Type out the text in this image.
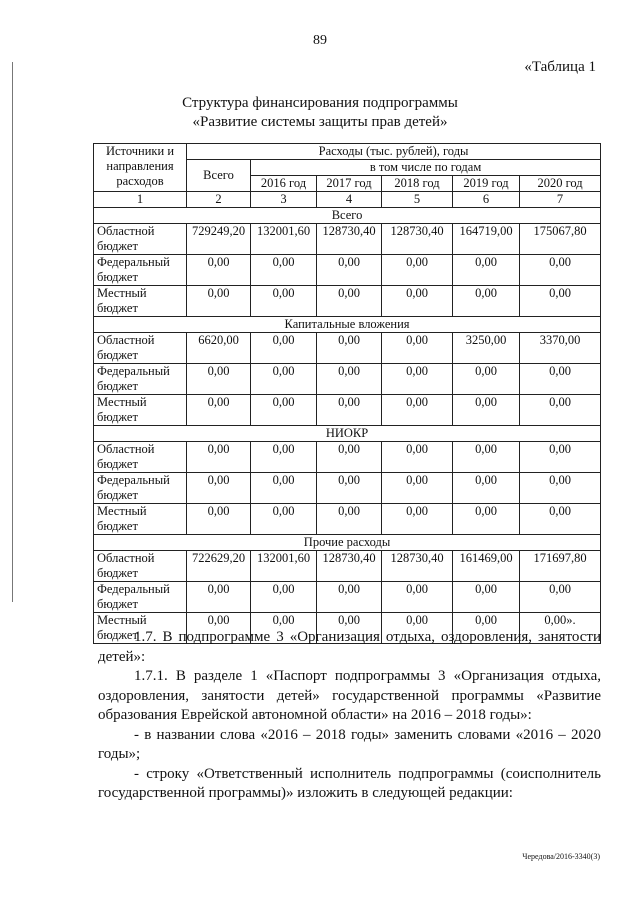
89
«Таблица 1
Структура финансирования подпрограммы
«Развитие системы защиты прав детей»
Источники и направления расходов	Расходы (тыс. рублей), годы					
	Всего	в том числе по годам				
		2016 год	2017 год	2018 год	2019 год	2020 год
1	2	3	4	5	6	7
Всего						
Областной бюджет	729249,20	132001,60	128730,40	128730,40	164719,00	175067,80
Федеральный бюджет	0,00	0,00	0,00	0,00	0,00	0,00
Местный бюджет	0,00	0,00	0,00	0,00	0,00	0,00
Капитальные вложения						
Областной бюджет	6620,00	0,00	0,00	0,00	3250,00	3370,00
Федеральный бюджет	0,00	0,00	0,00	0,00	0,00	0,00
Местный бюджет	0,00	0,00	0,00	0,00	0,00	0,00
НИОКР						
Областной бюджет	0,00	0,00	0,00	0,00	0,00	0,00
Федеральный бюджет	0,00	0,00	0,00	0,00	0,00	0,00
Местный бюджет	0,00	0,00	0,00	0,00	0,00	0,00
Прочие расходы						
Областной бюджет	722629,20	132001,60	128730,40	128730,40	161469,00	171697,80
Федеральный бюджет	0,00	0,00	0,00	0,00	0,00	0,00
Местный бюджет	0,00	0,00	0,00	0,00	0,00	0,00».

1.7. В подпрограмме 3 «Организация отдыха, оздоровления, занятости детей»:

1.7.1. В разделе 1 «Паспорт подпрограммы 3 «Организация отдыха, оздоровления, занятости детей» государственной программы «Развитие образования Еврейской автономной области» на 2016 – 2018 годы»:

- в названии слова «2016 – 2018 годы» заменить словами «2016 – 2020 годы»;

- строку «Ответственный исполнитель подпрограммы (соисполнитель государственной программы)» изложить в следующей редакции:

Чередова/2016-3340(3)
